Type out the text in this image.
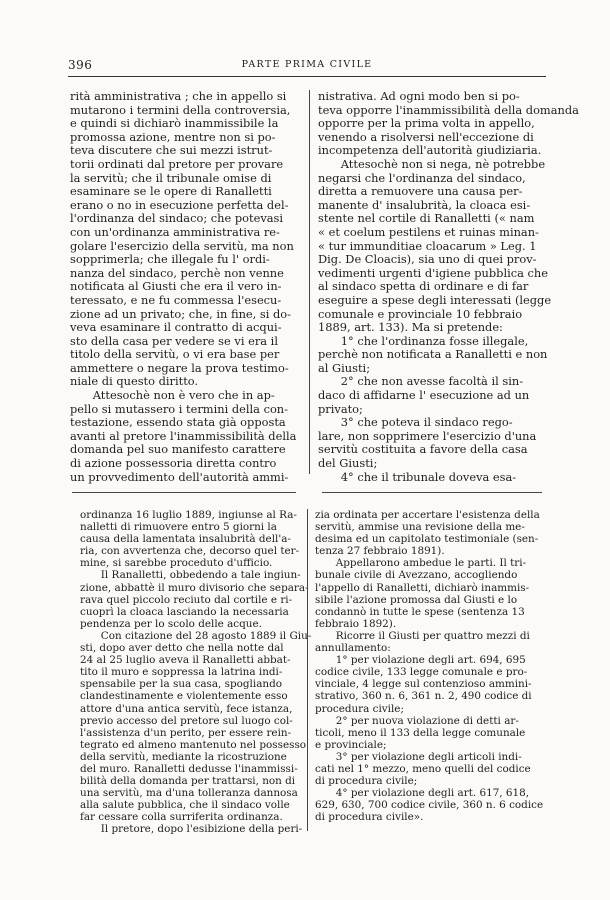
396	PARTE PRIMA CIVILE
rità amministrativa ; che in appello si
mutarono i termini della controversia,
e quindi si dichiarò inammissibile la
promossa azione, mentre non si po-
teva discutere che sui mezzi istrut-
torii ordinati dal pretore per provare
la servitù; che il tribunale omise di
esaminare se le opere di Ranalletti
erano o no in esecuzione perfetta del-
l'ordinanza del sindaco; che potevasi
con un'ordinanza amministrativa re-
golare l'esercizio della servitù, ma non
sopprimerla; che illegale fu l' ordi-
nanza del sindaco, perchè non venne
notificata al Giusti che era il vero in-
teressato, e ne fu commessa l'esecu-
zione ad un privato; che, in fine, si do-
veva esaminare il contratto di acqui-
sto della casa per vedere se vi era il
titolo della servitù, o vi era base per
ammettere o negare la prova testimo-
niale di questo diritto.
  Attesochè non è vero che in ap-
pello si mutassero i termini della con-
testazione, essendo stata già opposta
avanti al pretore l'inammissibilità della
domanda pel suo manifesto carattere
di azione possessoria diretta contro
un provvedimento dell'autorità ammi-
nistrativa. Ad ogni modo ben si po-
teva opporre l'inammissibilità della domanda
opporre per la prima volta in appello,
venendo a risolversi nell'eccezione di
incompetenza dell'autorità giudiziaria.
  Attesochè non si nega, nè potrebbe
negarsi che l'ordinanza del sindaco,
diretta a remuovere una causa per-
manente d' insalubrità, la cloaca esi-
stente nel cortile di Ranalletti (« nam
« et coelum pestilens et ruinas minan-
« tur immunditiae cloacarum » Leg. 1
Dig. De Cloacis), sia uno di quei prov-
vedimenti urgenti d'igiene pubblica che
al sindaco spetta di ordinare e di far
eseguire a spese degli interessati (legge
comunale e provinciale 10 febbraio
1889, art. 133). Ma si pretende:
  1° che l'ordinanza fosse illegale,
perchè non notificata a Ranalletti e non
al Giusti;
  2° che non avesse facoltà il sin-
daco di affidarne l' esecuzione ad un
privato;
  3° che poteva il sindaco rego-
lare, non sopprimere l'esercizio d'una
servitù costituita a favore della casa
del Giusti;
  4° che il tribunale doveva esa-
ordinanza 16 luglio 1889, ingiunse al Ra-
nalletti di rimuovere entro 5 giorni la
causa della lamentata insalubrità dell'a-
ria, con avvertenza che, decorso quel ter-
mine, si sarebbe proceduto d'ufficio.
  Il Ranalletti, obbedendo a tale ingiun-
zione, abbattè il muro divisorio che separa-
rava quel piccolo reciuto dal cortile e ri-
cuoprì la cloaca lasciando la necessaria
pendenza per lo scolo delle acque.
  Con citazione del 28 agosto 1889 il Giu-
sti, dopo aver detto che nella notte dal
24 al 25 luglio aveva il Ranalletti abbat-
tito il muro e soppressa la latrina indi-
spensabile per la sua casa, spogliando
clandestinamente e violentemente esso
attore d'una antica servitù, fece istanza,
previo accesso del pretore sul luogo col-
l'assistenza d'un perito, per essere rein-
tegrato ed almeno mantenuto nel possesso
della servitù, mediante la ricostruzione
del muro. Ranalletti dedusse l'inammissi-
bilità della domanda per trattarsi, non di
una servitù, ma d'una tolleranza dannosa
alla salute pubblica, che il sindaco volle
far cessare colla surriferita ordinanza.
  Il pretore, dopo l'esibizione della peri-
zia ordinata per accertare l'esistenza della
servitù, ammise una revisione della me-
desima ed un capitolato testimoniale (sen-
tenza 27 febbraio 1891).
  Appellarono ambedue le parti. Il tri-
bunale civile di Avezzano, accogliendo
l'appello di Ranalletti, dichiarò inammis-
sibile l'azione promossa dal Giusti e lo
condannò in tutte le spese (sentenza 13
febbraio 1892).
  Ricorre il Giusti per quattro mezzi di
annullamento:
  1° per violazione degli art. 694, 695
codice civile, 133 legge comunale e pro-
vinciale, 4 legge sul contenzioso ammini-
strativo, 360 n. 6, 361 n. 2, 490 codice di
procedura civile;
  2° per nuova violazione di detti ar-
ticoli, meno il 133 della legge comunale
e provinciale;
  3° per violazione degli articoli indi-
cati nel 1° mezzo, meno quelli del codice
di procedura civile;
  4° per violazione degli art. 617, 618,
629, 630, 700 codice civile, 360 n. 6 codice
di procedura civile».
